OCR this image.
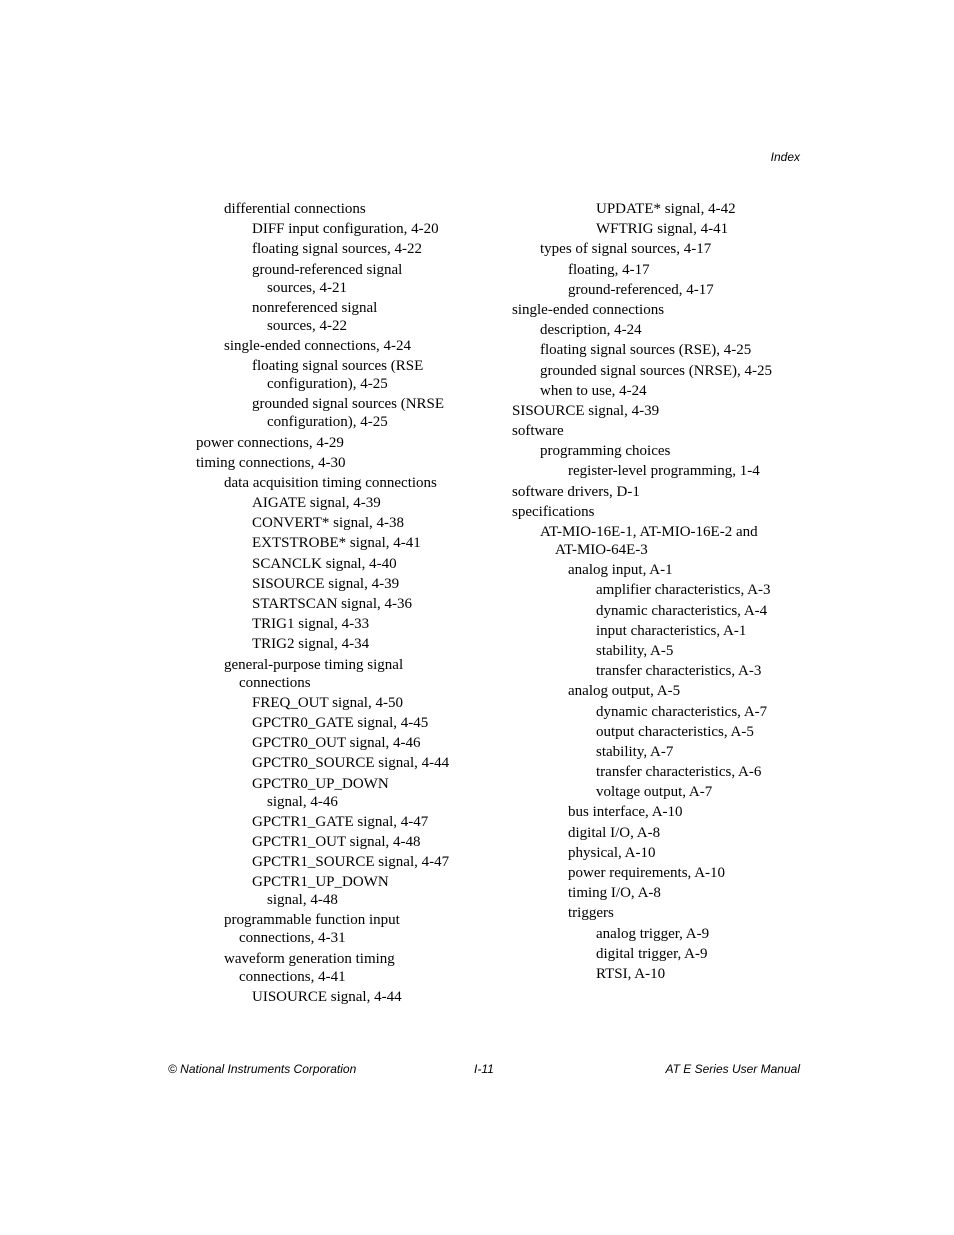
Index
differential connections
DIFF input configuration, 4-20
floating signal sources, 4-22
ground-referenced signal
sources, 4-21
nonreferenced signal
sources, 4-22
single-ended connections, 4-24
floating signal sources (RSE
configuration), 4-25
grounded signal sources (NRSE
configuration), 4-25
power connections, 4-29
timing connections, 4-30
data acquisition timing connections
AIGATE signal, 4-39
CONVERT* signal, 4-38
EXTSTROBE* signal, 4-41
SCANCLK signal, 4-40
SISOURCE signal, 4-39
STARTSCAN signal, 4-36
TRIG1 signal, 4-33
TRIG2 signal, 4-34
general-purpose timing signal
connections
FREQ_OUT signal, 4-50
GPCTR0_GATE signal, 4-45
GPCTR0_OUT signal, 4-46
GPCTR0_SOURCE signal, 4-44
GPCTR0_UP_DOWN
signal, 4-46
GPCTR1_GATE signal, 4-47
GPCTR1_OUT signal, 4-48
GPCTR1_SOURCE signal, 4-47
GPCTR1_UP_DOWN
signal, 4-48
programmable function input
connections, 4-31
waveform generation timing
connections, 4-41
UISOURCE signal, 4-44
UPDATE* signal, 4-42
WFTRIG signal, 4-41
types of signal sources, 4-17
floating, 4-17
ground-referenced, 4-17
single-ended connections
description, 4-24
floating signal sources (RSE), 4-25
grounded signal sources (NRSE), 4-25
when to use, 4-24
SISOURCE signal, 4-39
software
programming choices
register-level programming, 1-4
software drivers, D-1
specifications
AT-MIO-16E-1, AT-MIO-16E-2 and
AT-MIO-64E-3
analog input, A-1
amplifier characteristics, A-3
dynamic characteristics, A-4
input characteristics, A-1
stability, A-5
transfer characteristics, A-3
analog output, A-5
dynamic characteristics, A-7
output characteristics, A-5
stability, A-7
transfer characteristics, A-6
voltage output, A-7
bus interface, A-10
digital I/O, A-8
physical, A-10
power requirements, A-10
timing I/O, A-8
triggers
analog trigger, A-9
digital trigger, A-9
RTSI, A-10
© National Instruments Corporation	I-11	AT E Series User Manual
